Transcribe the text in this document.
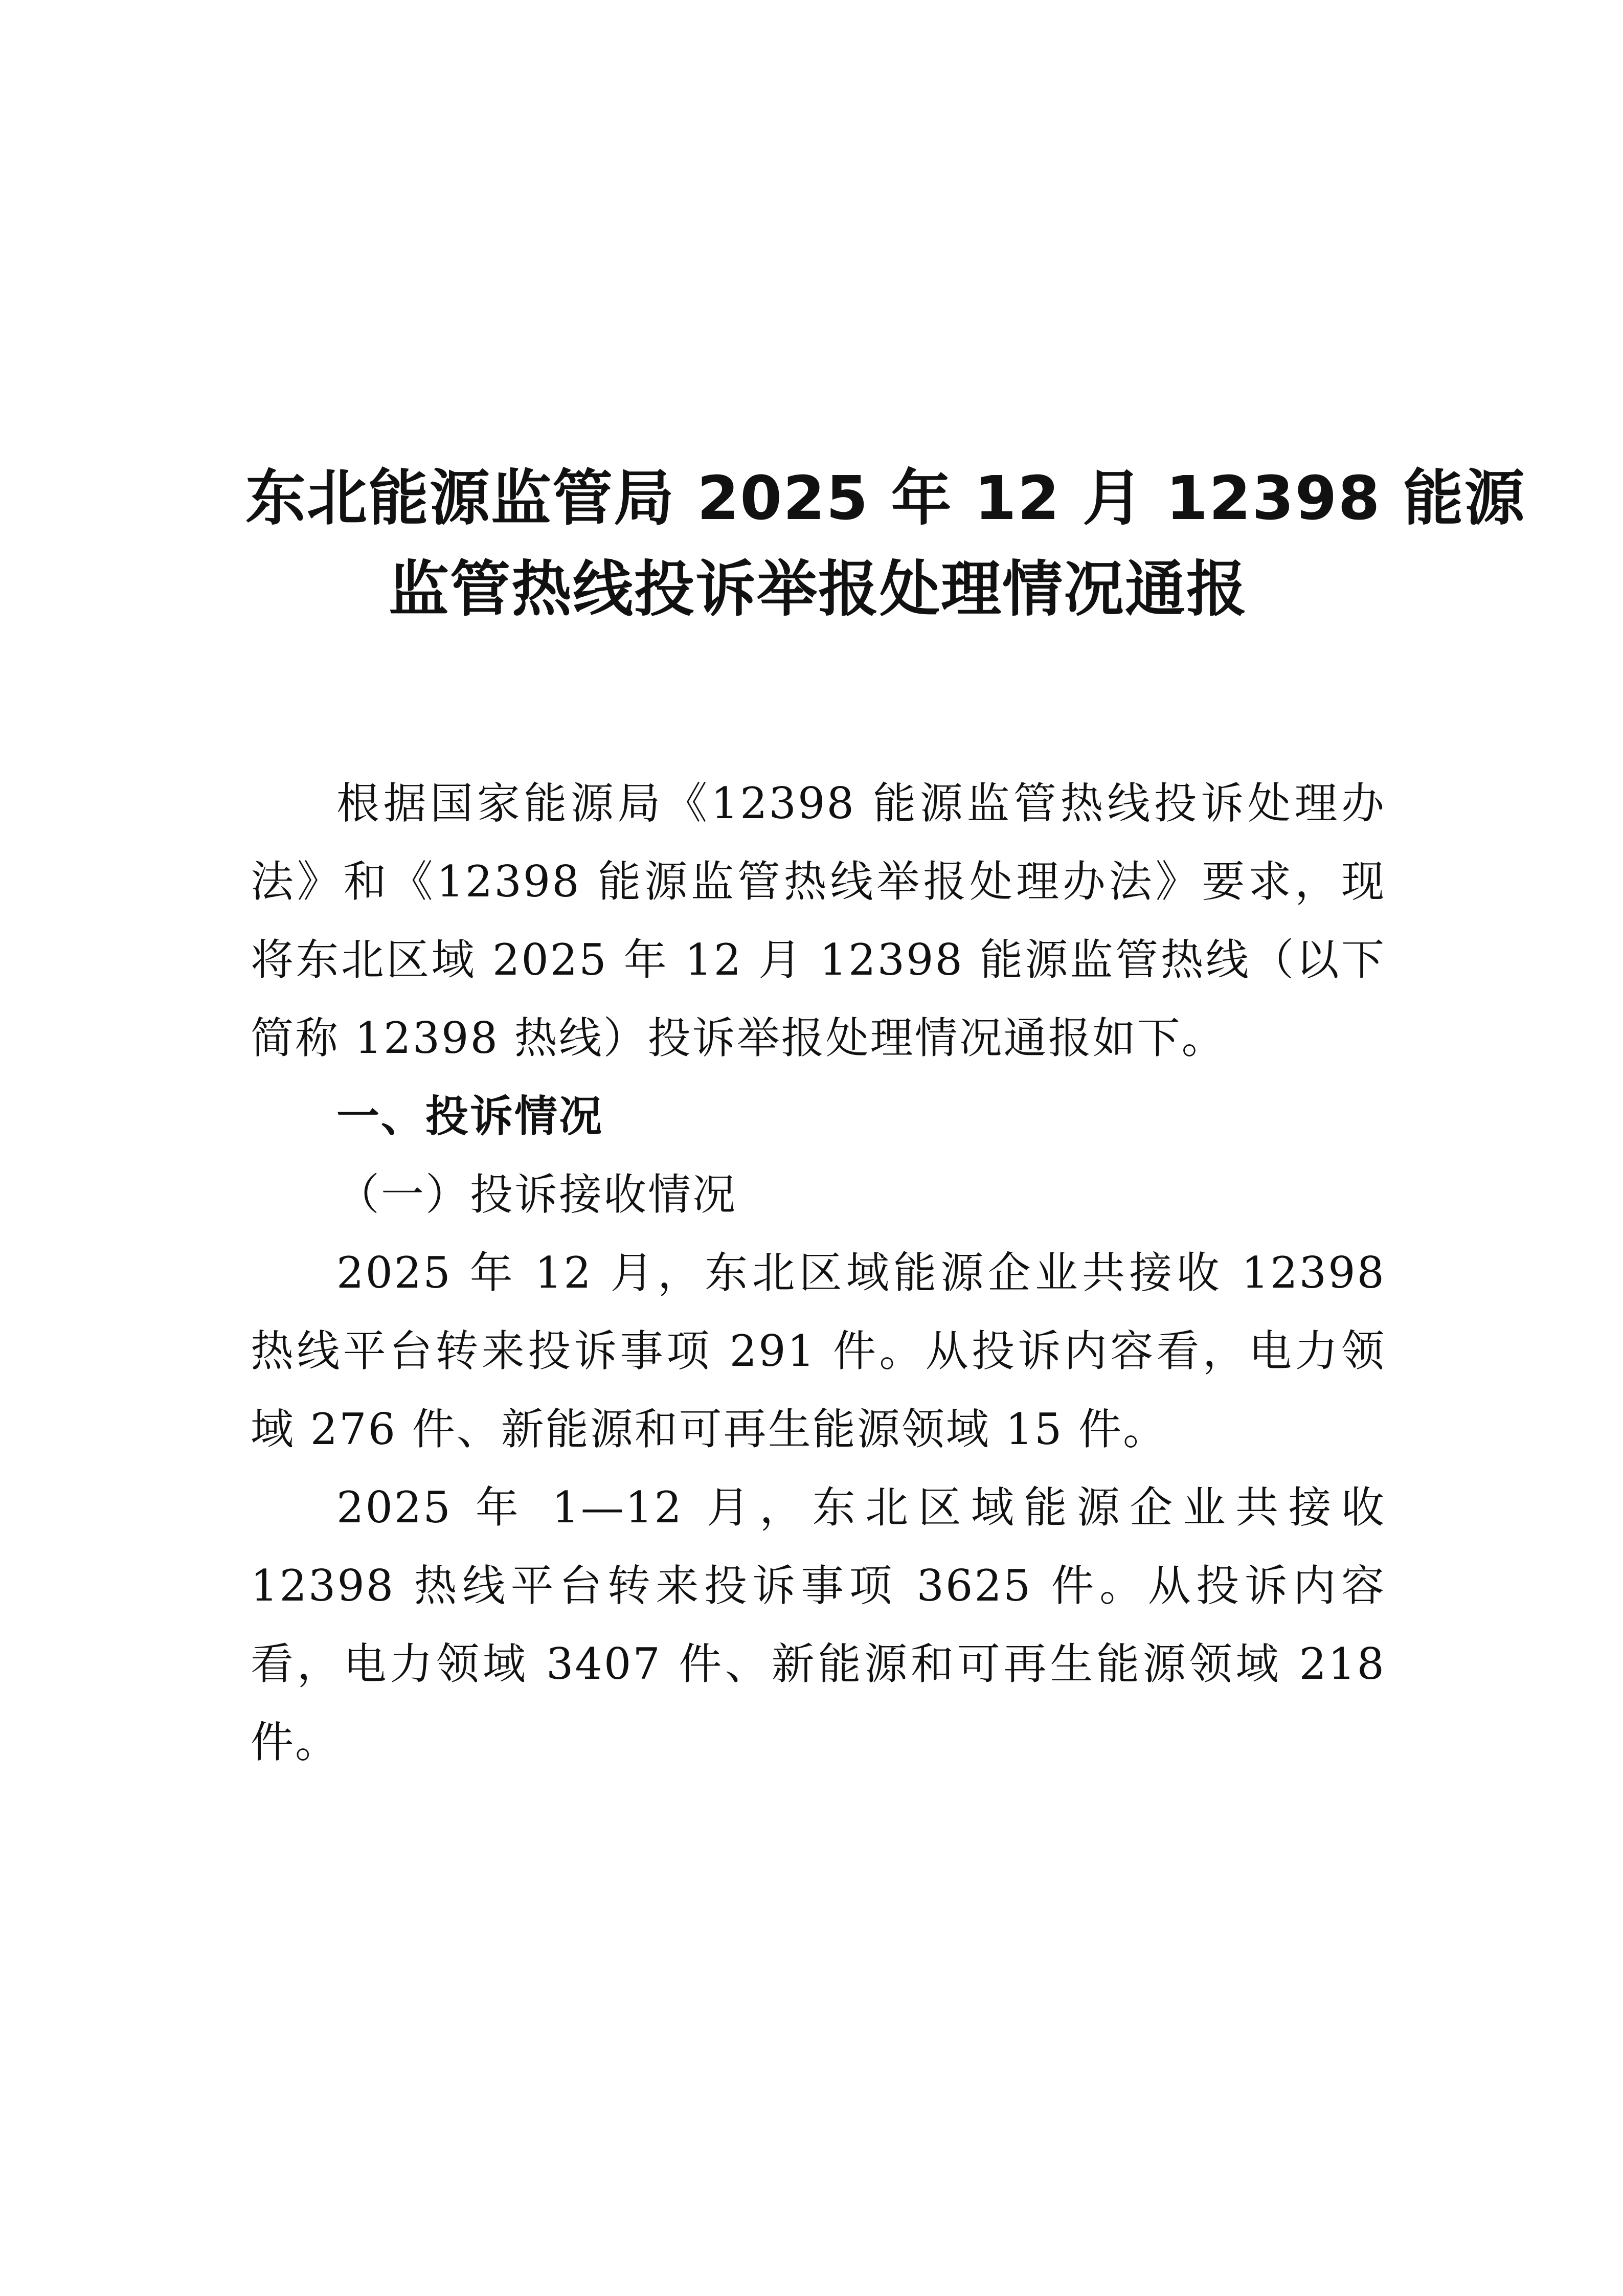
东北能源监管局 2025 年 12 月 12398 能源
监管热线投诉举报处理情况通报

根据国家能源局《12398 能源监管热线投诉处理办法》和《12398 能源监管热线举报处理办法》要求，现将东北区域 2025 年 12 月 12398 能源监管热线（以下简称 12398 热线）投诉举报处理情况通报如下。

一、投诉情况

（一）投诉接收情况

2025 年 12 月，东北区域能源企业共接收 12398 热线平台转来投诉事项 291 件。从投诉内容看，电力领域 276 件、新能源和可再生能源领域 15 件。

2025 年 1—12 月，东北区域能源企业共接收 12398 热线平台转来投诉事项 3625 件。从投诉内容看，电力领域 3407 件、新能源和可再生能源领域 218 件。
